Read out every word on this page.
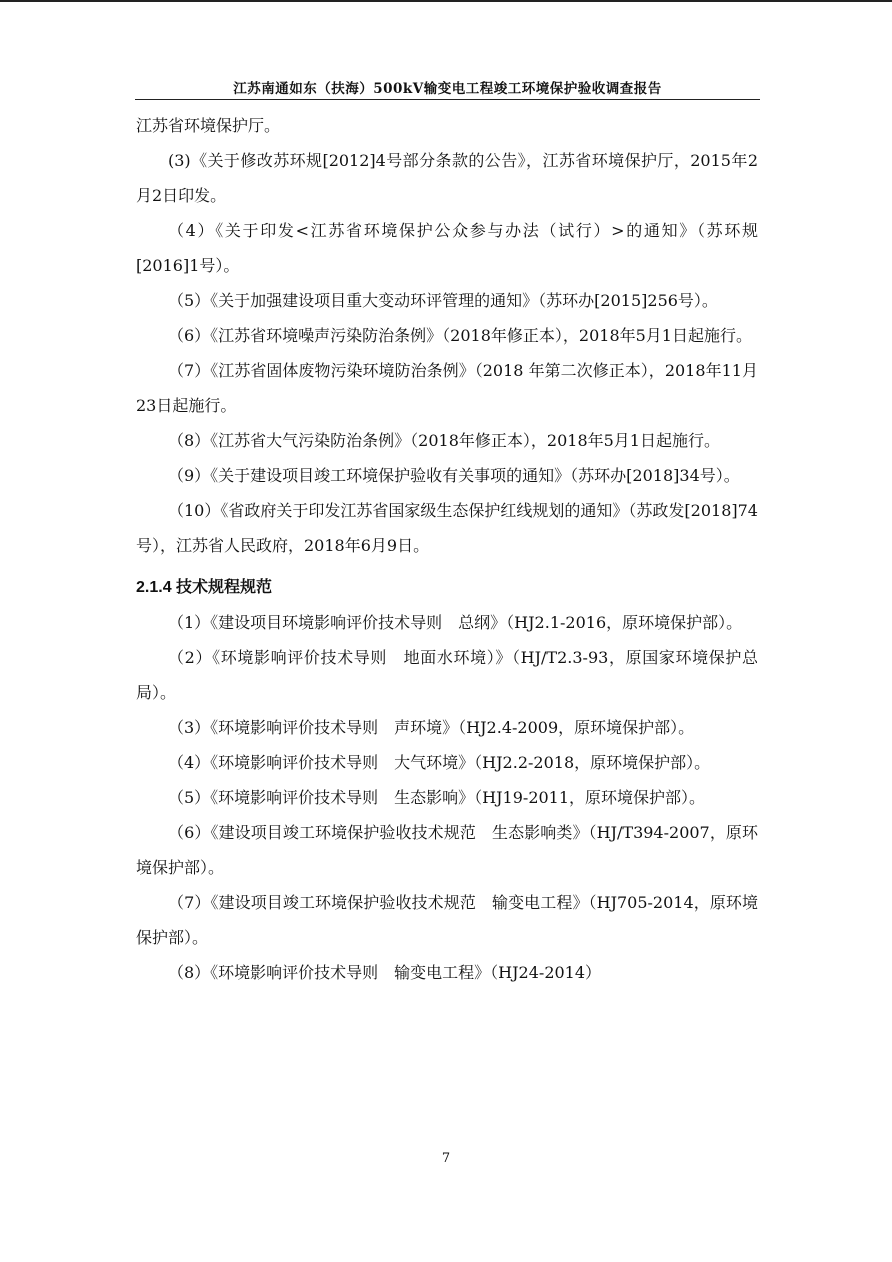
江苏南通如东（扶海）500kV输变电工程竣工环境保护验收调查报告
江苏省环境保护厅。
(3)《关于修改苏环规[2012]4号部分条款的公告》，江苏省环境保护厅，2015年2月2日印发。
（4）《关于印发<江苏省环境保护公众参与办法（试行）>的通知》（苏环规[2016]1号）。
（5）《关于加强建设项目重大变动环评管理的通知》（苏环办[2015]256号）。
（6）《江苏省环境噪声污染防治条例》（2018年修正本），2018年5月1日起施行。
（7）《江苏省固体废物污染环境防治条例》（2018 年第二次修正本），2018年11月23日起施行。
（8）《江苏省大气污染防治条例》（2018年修正本），2018年5月1日起施行。
（9）《关于建设项目竣工环境保护验收有关事项的通知》（苏环办[2018]34号）。
（10）《省政府关于印发江苏省国家级生态保护红线规划的通知》（苏政发[2018]74号），江苏省人民政府，2018年6月9日。
2.1.4 技术规程规范
（1）《建设项目环境影响评价技术导则　总纲》（HJ2.1-2016，原环境保护部）。
（2）《环境影响评价技术导则　地面水环境）》（HJ/T2.3-93，原国家环境保护总局）。
（3）《环境影响评价技术导则　声环境》（HJ2.4-2009，原环境保护部）。
（4）《环境影响评价技术导则　大气环境》（HJ2.2-2018，原环境保护部）。
（5）《环境影响评价技术导则　生态影响》（HJ19-2011，原环境保护部）。
（6）《建设项目竣工环境保护验收技术规范　生态影响类》（HJ/T394-2007，原环境保护部）。
（7）《建设项目竣工环境保护验收技术规范　输变电工程》（HJ705-2014，原环境保护部）。
（8）《环境影响评价技术导则　输变电工程》（HJ24-2014）
7
